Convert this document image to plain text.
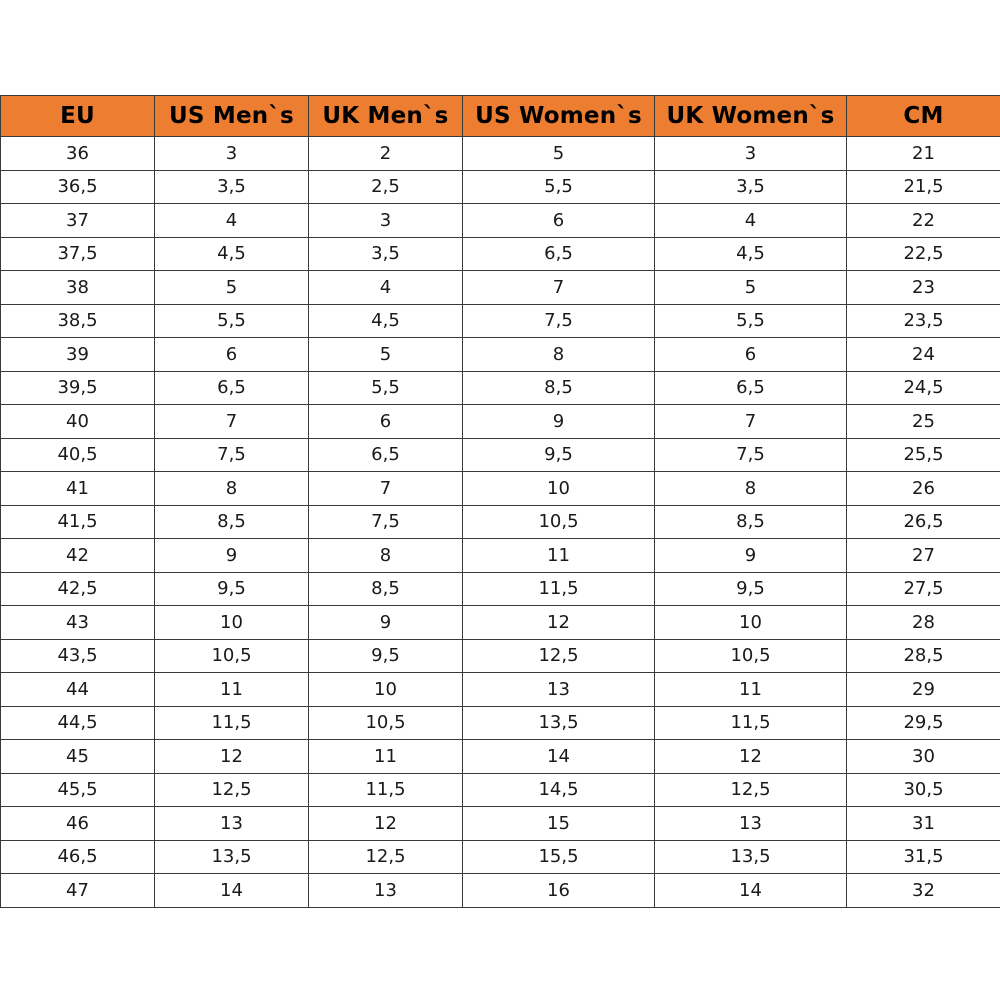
EU	US Men`s	UK Men`s	US Women`s	UK Women`s	CM
36	3	2	5	3	21
36,5	3,5	2,5	5,5	3,5	21,5
37	4	3	6	4	22
37,5	4,5	3,5	6,5	4,5	22,5
38	5	4	7	5	23
38,5	5,5	4,5	7,5	5,5	23,5
39	6	5	8	6	24
39,5	6,5	5,5	8,5	6,5	24,5
40	7	6	9	7	25
40,5	7,5	6,5	9,5	7,5	25,5
41	8	7	10	8	26
41,5	8,5	7,5	10,5	8,5	26,5
42	9	8	11	9	27
42,5	9,5	8,5	11,5	9,5	27,5
43	10	9	12	10	28
43,5	10,5	9,5	12,5	10,5	28,5
44	11	10	13	11	29
44,5	11,5	10,5	13,5	11,5	29,5
45	12	11	14	12	30
45,5	12,5	11,5	14,5	12,5	30,5
46	13	12	15	13	31
46,5	13,5	12,5	15,5	13,5	31,5
47	14	13	16	14	32
